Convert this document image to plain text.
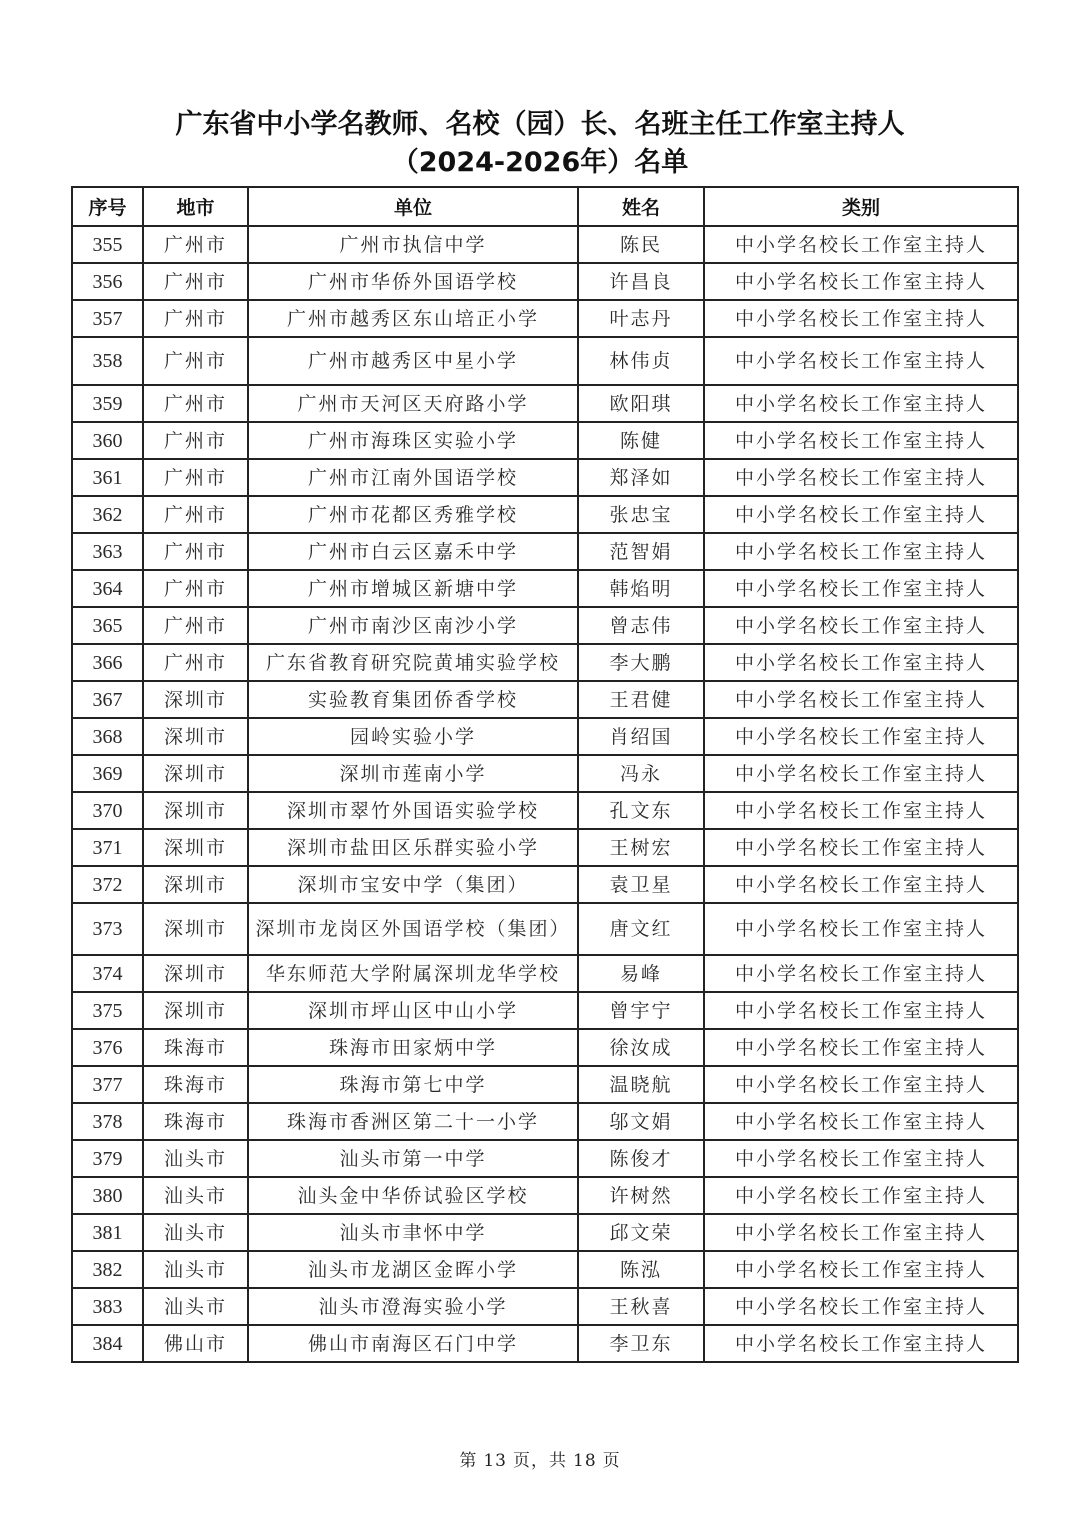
广东省中小学名教师、名校（园）长、名班主任工作室主持人
（2024-2026年）名单
序号	地市	单位	姓名	类别
355	广州市	广州市执信中学	陈民	中小学名校长工作室主持人
356	广州市	广州市华侨外国语学校	许昌良	中小学名校长工作室主持人
357	广州市	广州市越秀区东山培正小学	叶志丹	中小学名校长工作室主持人
358	广州市	广州市越秀区中星小学	林伟贞	中小学名校长工作室主持人
359	广州市	广州市天河区天府路小学	欧阳琪	中小学名校长工作室主持人
360	广州市	广州市海珠区实验小学	陈健	中小学名校长工作室主持人
361	广州市	广州市江南外国语学校	郑泽如	中小学名校长工作室主持人
362	广州市	广州市花都区秀雅学校	张忠宝	中小学名校长工作室主持人
363	广州市	广州市白云区嘉禾中学	范智娟	中小学名校长工作室主持人
364	广州市	广州市增城区新塘中学	韩焰明	中小学名校长工作室主持人
365	广州市	广州市南沙区南沙小学	曾志伟	中小学名校长工作室主持人
366	广州市	广东省教育研究院黄埔实验学校	李大鹏	中小学名校长工作室主持人
367	深圳市	实验教育集团侨香学校	王君健	中小学名校长工作室主持人
368	深圳市	园岭实验小学	肖绍国	中小学名校长工作室主持人
369	深圳市	深圳市莲南小学	冯永	中小学名校长工作室主持人
370	深圳市	深圳市翠竹外国语实验学校	孔文东	中小学名校长工作室主持人
371	深圳市	深圳市盐田区乐群实验小学	王树宏	中小学名校长工作室主持人
372	深圳市	深圳市宝安中学（集团）	袁卫星	中小学名校长工作室主持人
373	深圳市	深圳市龙岗区外国语学校（集团）	唐文红	中小学名校长工作室主持人
374	深圳市	华东师范大学附属深圳龙华学校	易峰	中小学名校长工作室主持人
375	深圳市	深圳市坪山区中山小学	曾宇宁	中小学名校长工作室主持人
376	珠海市	珠海市田家炳中学	徐汝成	中小学名校长工作室主持人
377	珠海市	珠海市第七中学	温晓航	中小学名校长工作室主持人
378	珠海市	珠海市香洲区第二十一小学	邬文娟	中小学名校长工作室主持人
379	汕头市	汕头市第一中学	陈俊才	中小学名校长工作室主持人
380	汕头市	汕头金中华侨试验区学校	许树然	中小学名校长工作室主持人
381	汕头市	汕头市聿怀中学	邱文荣	中小学名校长工作室主持人
382	汕头市	汕头市龙湖区金晖小学	陈泓	中小学名校长工作室主持人
383	汕头市	汕头市澄海实验小学	王秋喜	中小学名校长工作室主持人
384	佛山市	佛山市南海区石门中学	李卫东	中小学名校长工作室主持人
第 13 页，共 18 页
